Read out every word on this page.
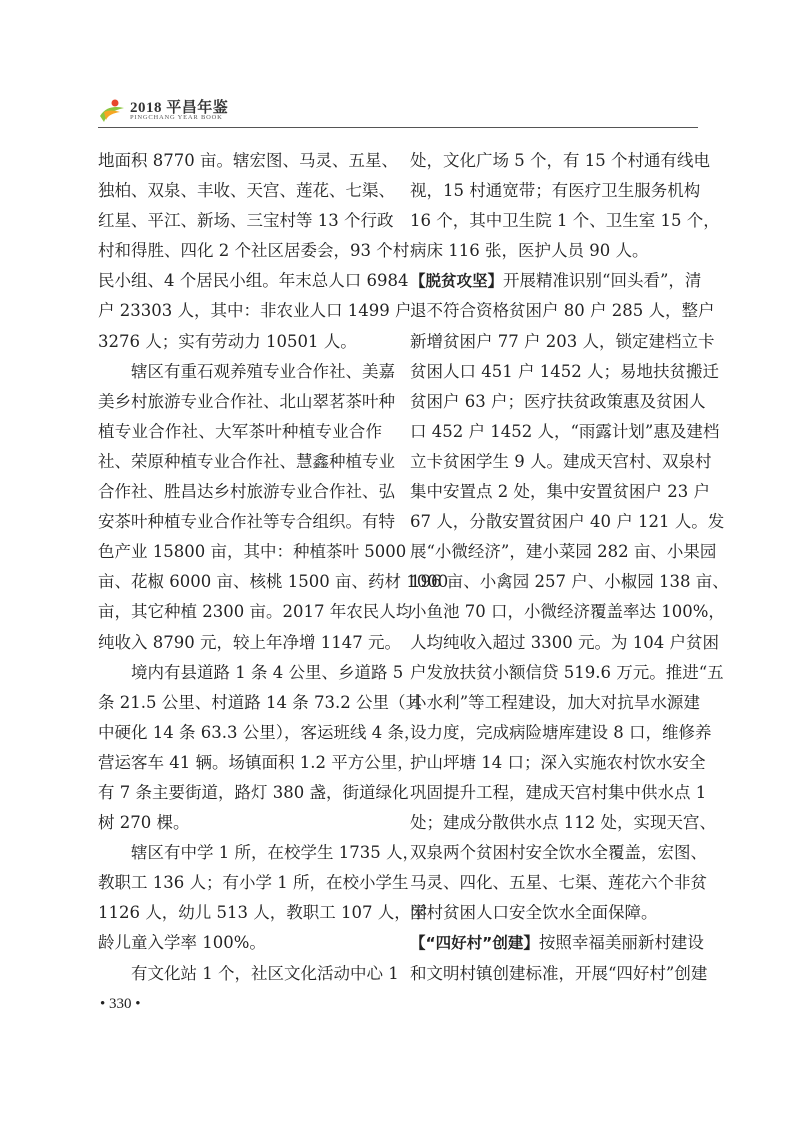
2018 平昌年鉴
PINGCHANG YEAR BOOK
地面积 8770 亩。辖宏图、马灵、五星、
独柏、双泉、丰收、天宫、莲花、七渠、
红星、平江、新场、三宝村等 13 个行政
村和得胜、四化 2 个社区居委会，93 个村
民小组、4 个居民小组。年末总人口 6984
户 23303 人，其中：非农业人口 1499 户
3276 人；实有劳动力 10501 人。
辖区有重石观养殖专业合作社、美嘉
美乡村旅游专业合作社、北山翠茗茶叶种
植专业合作社、大军茶叶种植专业合作
社、荣原种植专业合作社、慧鑫种植专业
合作社、胜昌达乡村旅游专业合作社、弘
安茶叶种植专业合作社等专合组织。有特
色产业 15800 亩，其中：种植茶叶 5000
亩、花椒 6000 亩、核桃 1500 亩、药材 1000
亩，其它种植 2300 亩。2017 年农民人均
纯收入 8790 元，较上年净增 1147 元。
境内有县道路 1 条 4 公里、乡道路 5
条 21.5 公里、村道路 14 条 73.2 公里（其
中硬化 14 条 63.3 公里），客运班线 4 条，
营运客车 41 辆。场镇面积 1.2 平方公里，
有 7 条主要街道，路灯 380 盏，街道绿化
树 270 棵。
辖区有中学 1 所，在校学生 1735 人，
教职工 136 人；有小学 1 所，在校小学生
1126 人，幼儿 513 人，教职工 107 人，学
龄儿童入学率 100%。
有文化站 1 个，社区文化活动中心 1
处，文化广场 5 个，有 15 个村通有线电
视，15 村通宽带；有医疗卫生服务机构
16 个，其中卫生院 1 个、卫生室 15 个，
病床 116 张，医护人员 90 人。
【脱贫攻坚】开展精准识别“回头看”，清
退不符合资格贫困户 80 户 285 人，整户
新增贫困户 77 户 203 人，锁定建档立卡
贫困人口 451 户 1452 人；易地扶贫搬迁
贫困户 63 户；医疗扶贫政策惠及贫困人
口 452 户 1452 人，“雨露计划”惠及建档
立卡贫困学生 9 人。建成天宫村、双泉村
集中安置点 2 处，集中安置贫困户 23 户
67 人，分散安置贫困户 40 户 121 人。发
展“小微经济”，建小菜园 282 亩、小果园
196 亩、小禽园 257 户、小椒园 138 亩、
小鱼池 70 口，小微经济覆盖率达 100%，
人均纯收入超过 3300 元。为 104 户贫困
户发放扶贫小额信贷 519.6 万元。推进“五
小水利”等工程建设，加大对抗旱水源建
设力度，完成病险塘库建设 8 口，维修养
护山坪塘 14 口；深入实施农村饮水安全
巩固提升工程，建成天宫村集中供水点 1
处；建成分散供水点 112 处，实现天宫、
双泉两个贫困村安全饮水全覆盖，宏图、
马灵、四化、五星、七渠、莲花六个非贫
困村贫困人口安全饮水全面保障。
【“四好村”创建】按照幸福美丽新村建设
和文明村镇创建标准，开展“四好村”创建
• 330 •
